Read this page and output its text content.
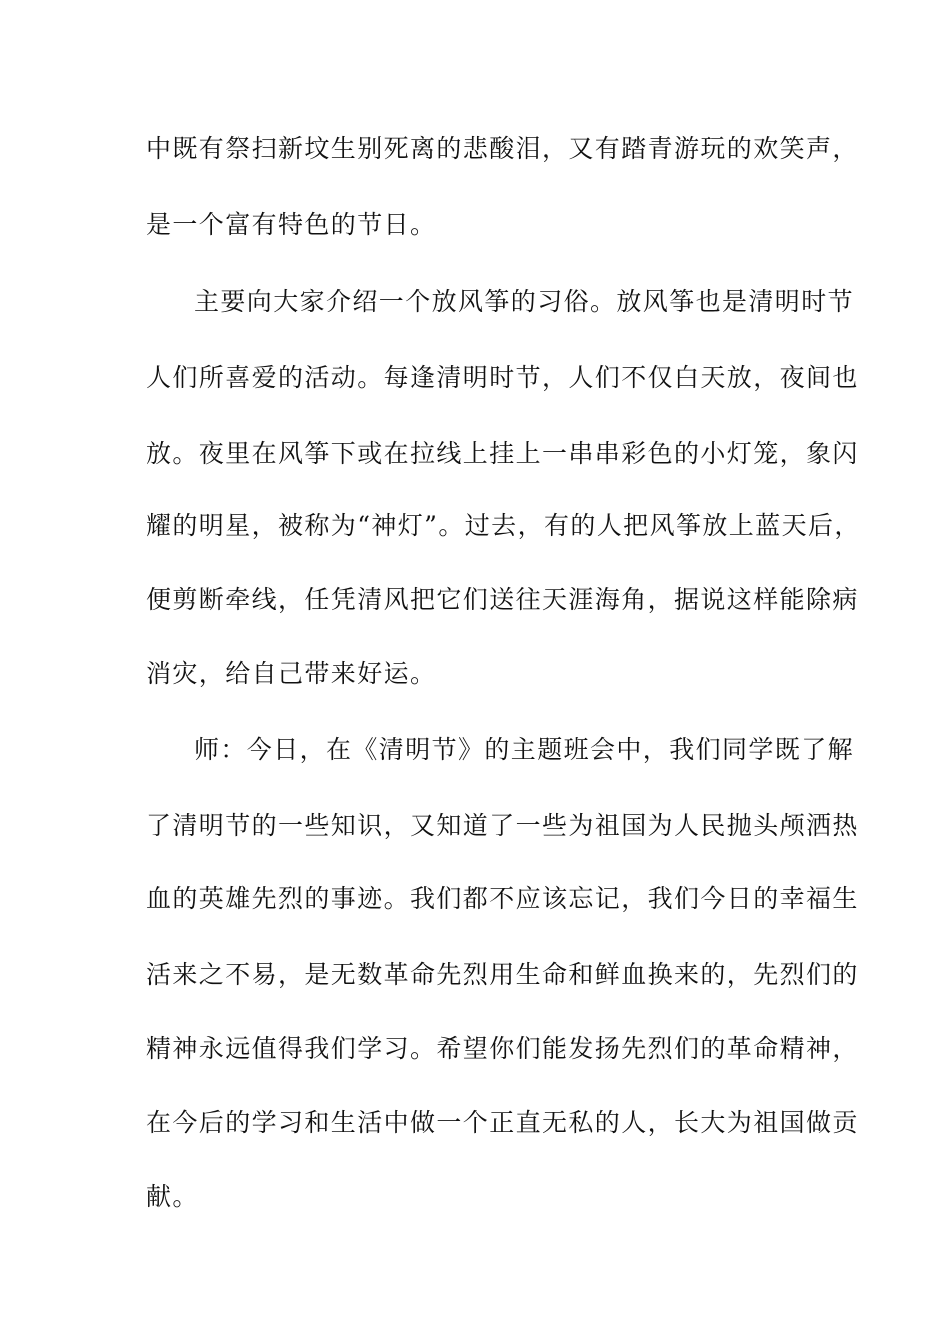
中既有祭扫新坟生别死离的悲酸泪，又有踏青游玩的欢笑声，
是一个富有特色的节日。
主要向大家介绍一个放风筝的习俗。放风筝也是清明时节
人们所喜爱的活动。每逢清明时节，人们不仅白天放，夜间也
放。夜里在风筝下或在拉线上挂上一串串彩色的小灯笼，象闪
耀的明星，被称为“神灯”。过去，有的人把风筝放上蓝天后，
便剪断牵线，任凭清风把它们送往天涯海角，据说这样能除病
消灾，给自己带来好运。
师：今日，在《清明节》的主题班会中，我们同学既了解
了清明节的一些知识，又知道了一些为祖国为人民抛头颅洒热
血的英雄先烈的事迹。我们都不应该忘记，我们今日的幸福生
活来之不易，是无数革命先烈用生命和鲜血换来的，先烈们的
精神永远值得我们学习。希望你们能发扬先烈们的革命精神，
在今后的学习和生活中做一个正直无私的人，长大为祖国做贡
献。
